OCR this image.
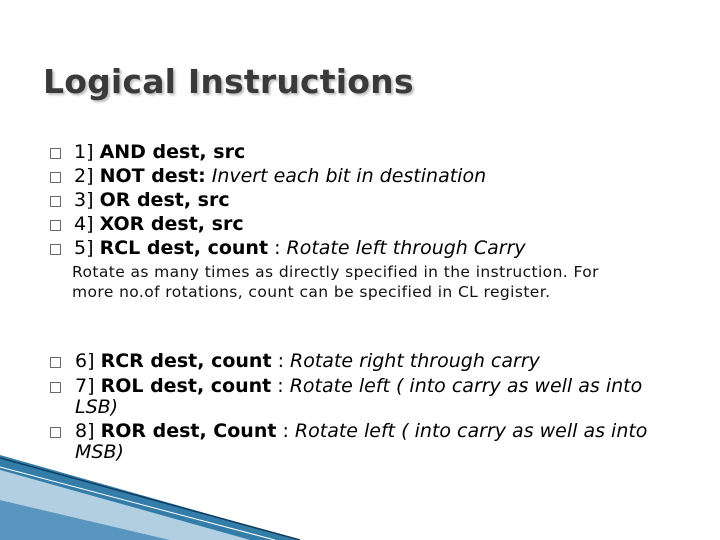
Logical Instructions
1] AND dest, src
2] NOT dest: Invert each bit in destination
3] OR dest, src
4] XOR dest, src
5] RCL dest, count : Rotate left through Carry
Rotate as many times as directly specified in the instruction. For more no.of rotations, count can be specified in CL register.
6] RCR dest, count : Rotate right through carry
7] ROL dest, count : Rotate left ( into carry as well as into
LSB)
8] ROR dest, Count : Rotate left ( into carry as well as into
MSB)
